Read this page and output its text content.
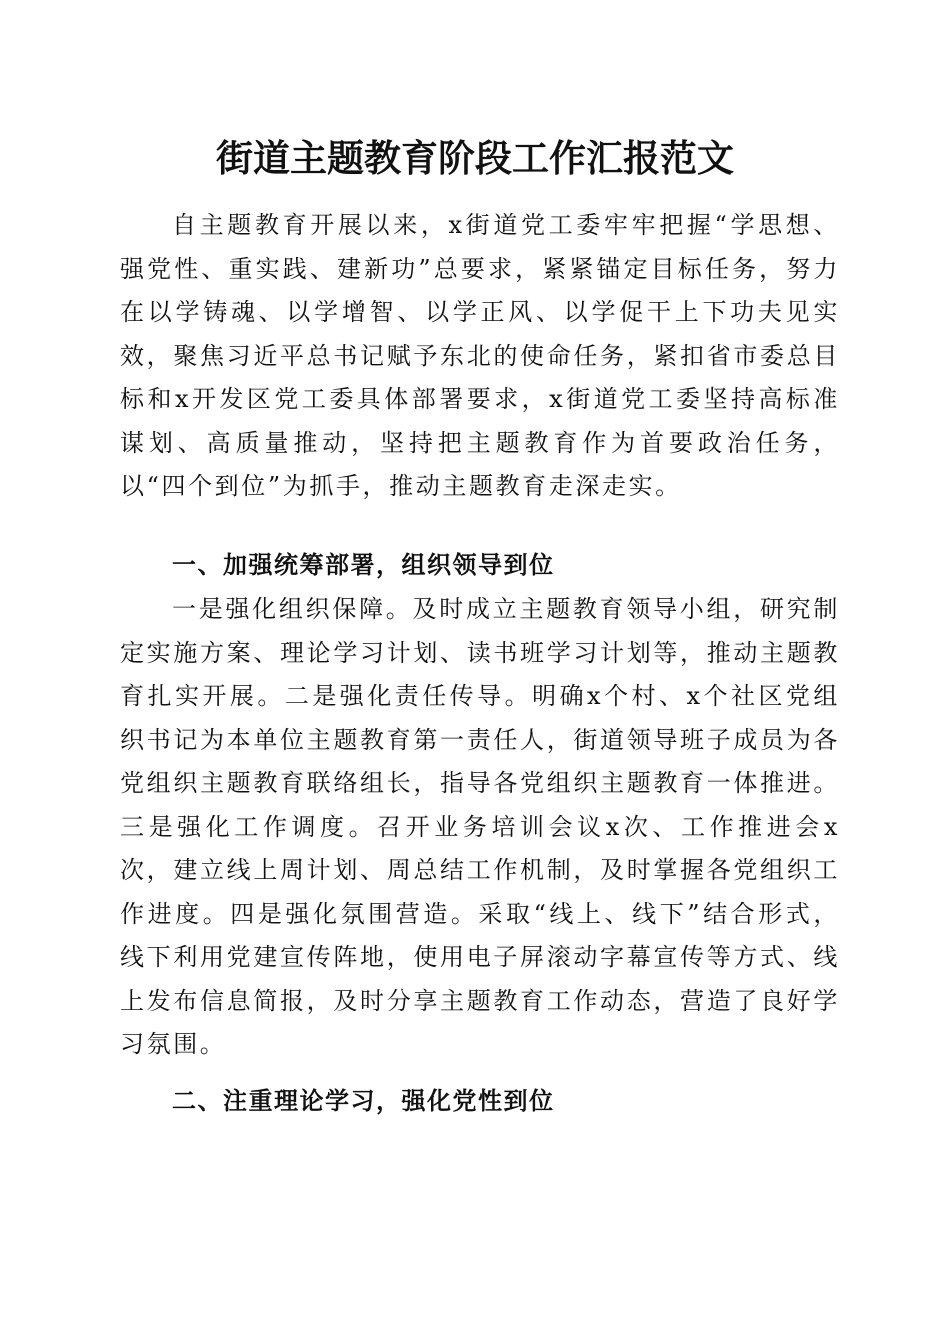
街道主题教育阶段工作汇报范文

自主题教育开展以来，x街道党工委牢牢把握“学思想、强党性、重实践、建新功”总要求，紧紧锚定目标任务，努力在以学铸魂、以学增智、以学正风、以学促干上下功夫见实效，聚焦习近平总书记赋予东北的使命任务，紧扣省市委总目标和x开发区党工委具体部署要求，x街道党工委坚持高标准谋划、高质量推动，坚持把主题教育作为首要政治任务，以“四个到位”为抓手，推动主题教育走深走实。

一、加强统筹部署，组织领导到位

一是强化组织保障。及时成立主题教育领导小组，研究制定实施方案、理论学习计划、读书班学习计划等，推动主题教育扎实开展。二是强化责任传导。明确x个村、x个社区党组织书记为本单位主题教育第一责任人，街道领导班子成员为各党组织主题教育联络组长，指导各党组织主题教育一体推进。三是强化工作调度。召开业务培训会议x次、工作推进会x次，建立线上周计划、周总结工作机制，及时掌握各党组织工作进度。四是强化氛围营造。采取“线上、线下”结合形式，线下利用党建宣传阵地，使用电子屏滚动字幕宣传等方式、线上发布信息简报，及时分享主题教育工作动态，营造了良好学习氛围。

二、注重理论学习，强化党性到位
